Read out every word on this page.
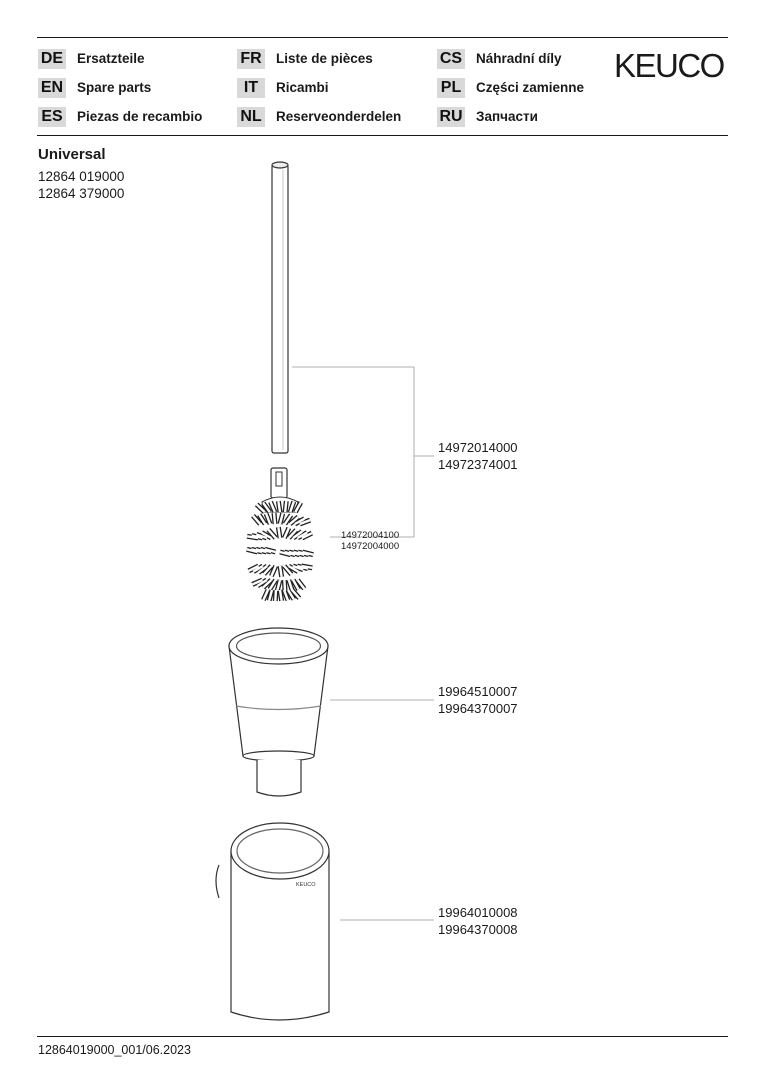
DE Ersatzteile
EN Spare parts
ES Piezas de recambio
FR Liste de pièces
IT	Ricambi
NL Reserveonderdelen
CS Náhradní díly
PL Części zamienne
RU Запчасти
KEUCO
Universal
12864 019000
12864 379000
KEUCO
14972014000
14972374001
14972004100
14972004000
19964510007
19964370007
19964010008
19964370008
12864019000_001/06.2023
